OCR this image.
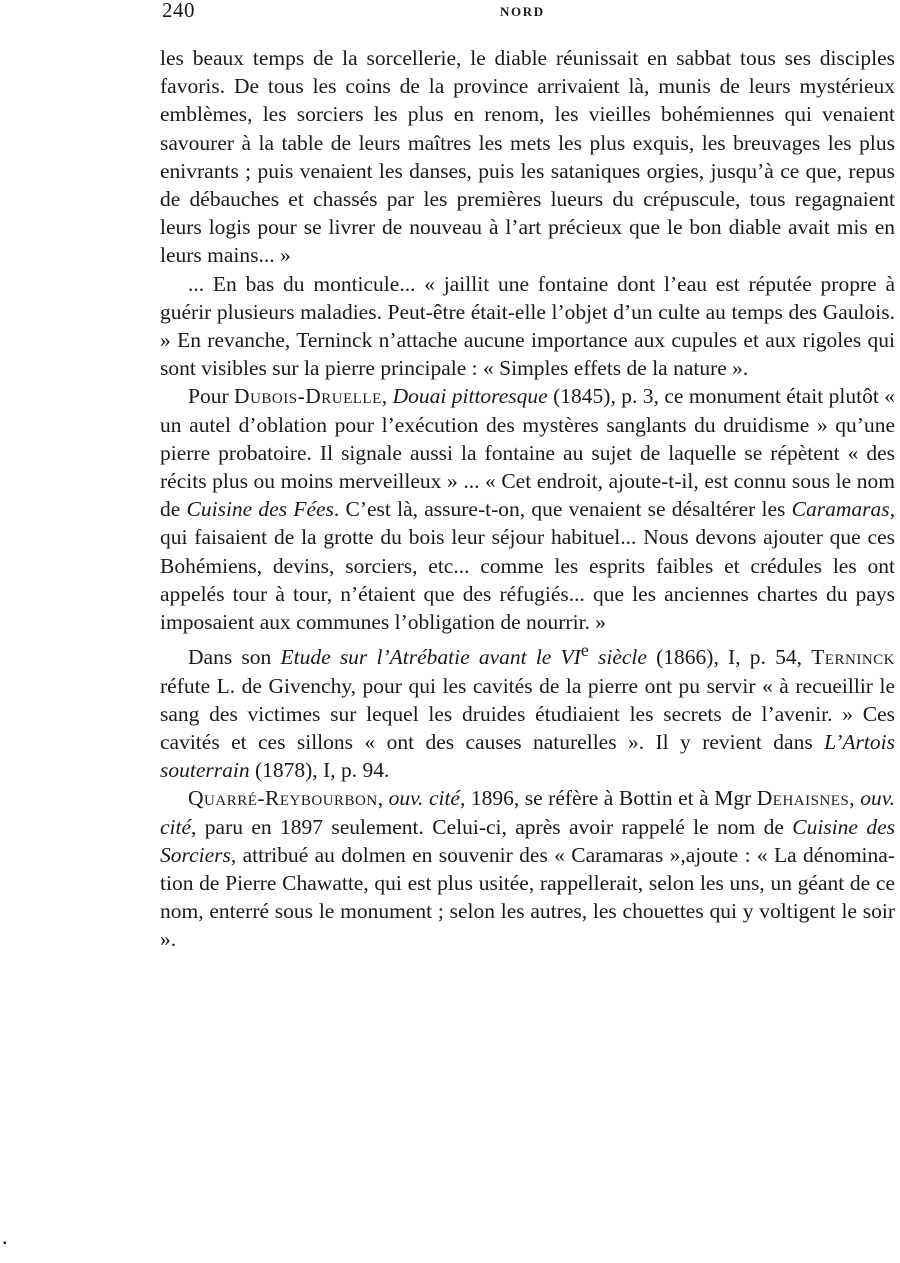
240	NORD

les beaux temps de la sorcellerie, le diable réunissait en sabbat tous ses disciples favoris. De tous les coins de la province arrivaient là, munis de leurs mystérieux emblèmes, les sorciers les plus en renom, les vieilles bohémiennes qui venaient savourer à la table de leurs maîtres les mets les plus exquis, les breuvages les plus enivrants ; puis venaient les danses, puis les sataniques orgies, jusqu’à ce que, repus de débauches et chassés par les premières lueurs du crépuscule, tous regagnaient leurs logis pour se livrer de nouveau à l’art précieux que le bon diable avait mis en leurs mains... »

... En bas du monticule... « jaillit une fontaine dont l’eau est réputée propre à guérir plusieurs maladies. Peut-être était-elle l’objet d’un culte au temps des Gaulois. » En revanche, Terninck n’attache aucune importance aux cupules et aux rigoles qui sont visibles sur la pierre principale : « Simples effets de la nature ».

Pour Dubois-Druelle, Douai pittoresque (1845), p. 3, ce monument était plutôt « un autel d’oblation pour l’exécution des mystères sanglants du druidisme » qu’une pierre probatoire. Il signale aussi la fontaine au sujet de laquelle se répètent « des récits plus ou moins merveilleux » ... « Cet endroit, ajoute-t-il, est connu sous le nom de Cuisine des Fées. C’est là, assure-t-on, que venaient se désaltérer les Caramaras, qui faisaient de la grotte du bois leur séjour habituel... Nous devons ajouter que ces Bohémiens, devins, sorciers, etc... comme les esprits faibles et crédules les ont appelés tour à tour, n’étaient que des réfugiés... que les anciennes chartes du pays imposaient aux communes l’obligation de nourrir. »

Dans son Etude sur l’Atrébatie avant le VIe siècle (1866), I, p. 54, Terninck réfute L. de Givenchy, pour qui les cavités de la pierre ont pu servir « à recueillir le sang des victimes sur lequel les druides étudiaient les secrets de l’avenir. » Ces cavités et ces sillons « ont des causes naturelles ». Il y revient dans L’Artois souterrain (1878), I, p. 94.

Quarré-Reybourbon, ouv. cité, 1896, se réfère à Bottin et à Mgr Dehaisnes, ouv. cité, paru en 1897 seulement. Celui-ci, après avoir rappelé le nom de Cuisine des Sorciers, attribué au dolmen en souvenir des « Caramaras »,ajoute : « La dénomination de Pierre Chawatte, qui est plus usitée, rappellerait, selon les uns, un géant de ce nom, enterré sous le monument ; selon les autres, les chouettes qui y voltigent le soir ».

▪
